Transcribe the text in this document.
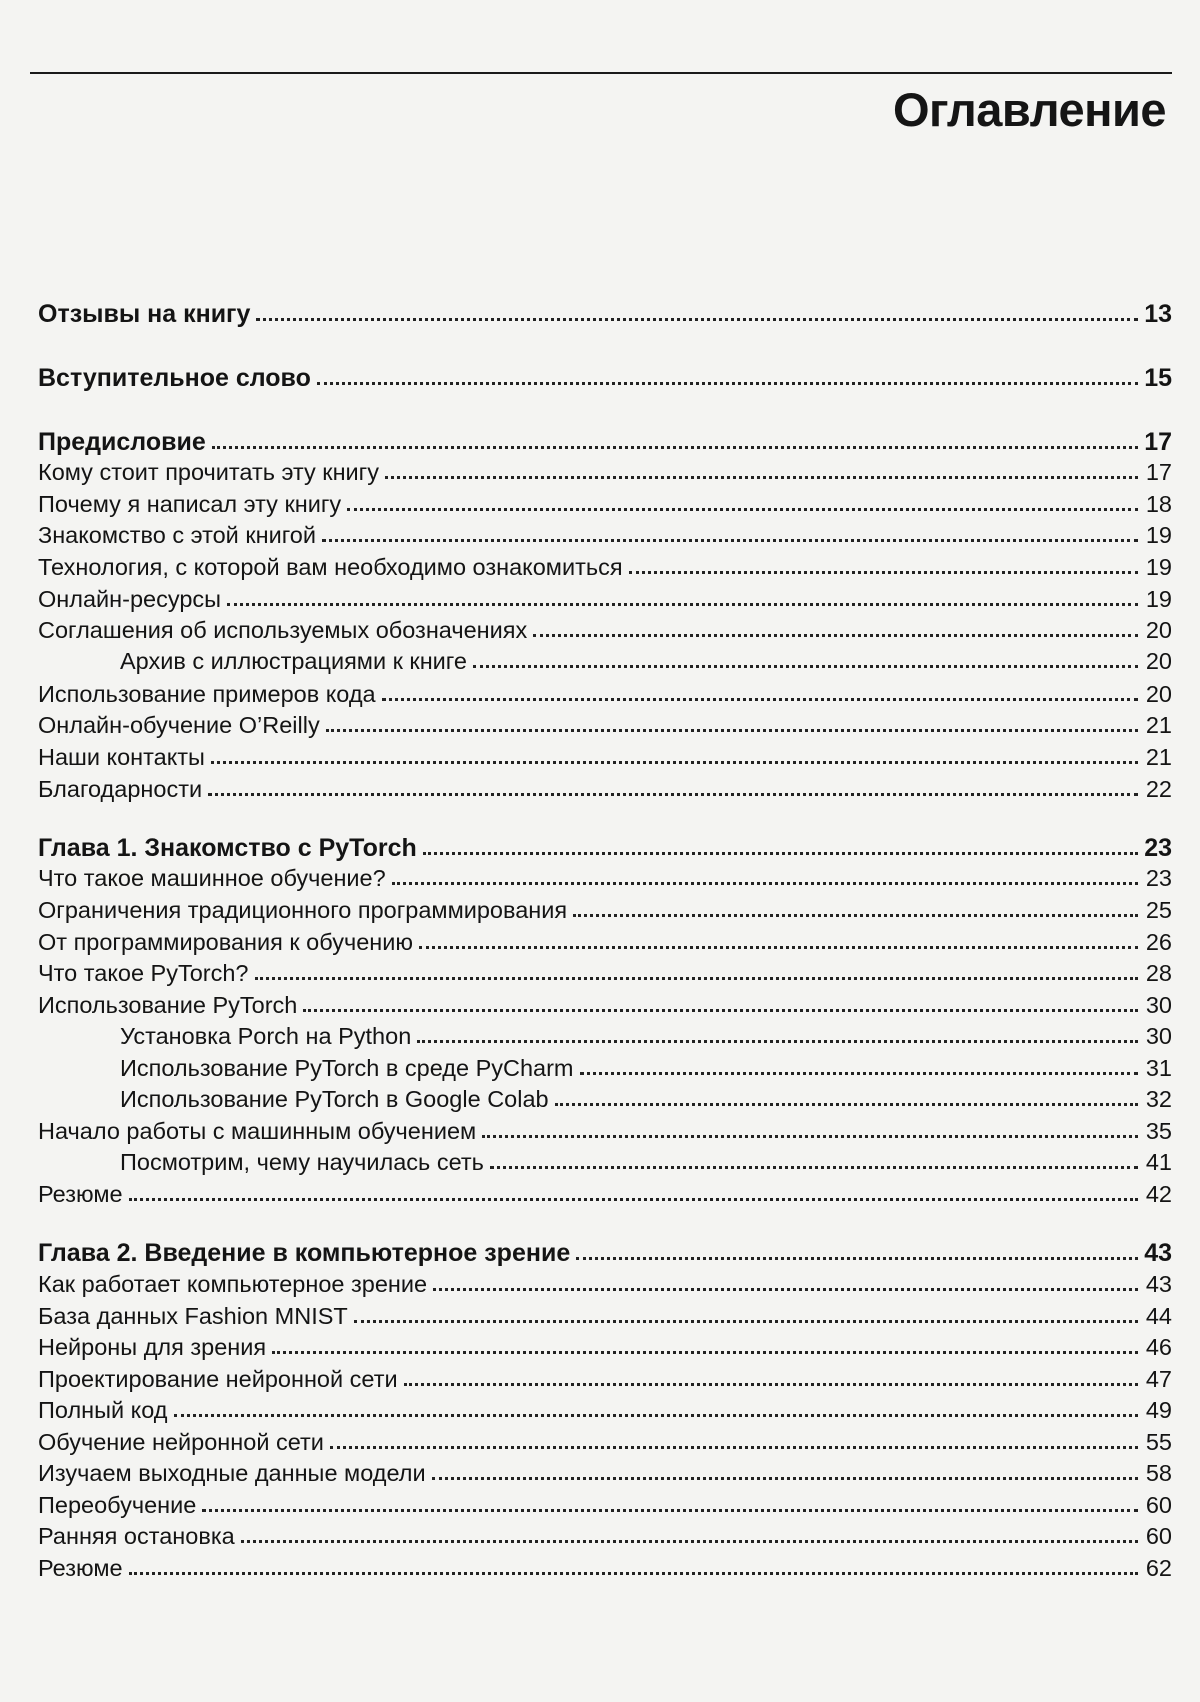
Оглавление
Отзывы на книгу	13
Вступительное слово	15
Предисловие	17
Кому стоит прочитать эту книгу	17
Почему я написал эту книгу	18
Знакомство с этой книгой	19
Технология, с которой вам необходимо ознакомиться	19
Онлайн-ресурсы	19
Соглашения об используемых обозначениях	20
Архив с иллюстрациями к книге	20
Использование примеров кода	20
Онлайн-обучение O’Reilly	21
Наши контакты	21
Благодарности	22
Глава 1. Знакомство с PyTorch	23
Что такое машинное обучение?	23
Ограничения традиционного программирования	25
От программирования к обучению	26
Что такое PyTorch?	28
Использование PyTorch	30
Установка Porch на Python	30
Использование PyTorch в среде PyCharm	31
Использование PyTorch в Google Colab	32
Начало работы с машинным обучением	35
Посмотрим, чему научилась сеть	41
Резюме	42
Глава 2. Введение в компьютерное зрение	43
Как работает компьютерное зрение	43
База данных Fashion MNIST	44
Нейроны для зрения	46
Проектирование нейронной сети	47
Полный код	49
Обучение нейронной сети	55
Изучаем выходные данные модели	58
Переобучение	60
Ранняя остановка	60
Резюме	62
